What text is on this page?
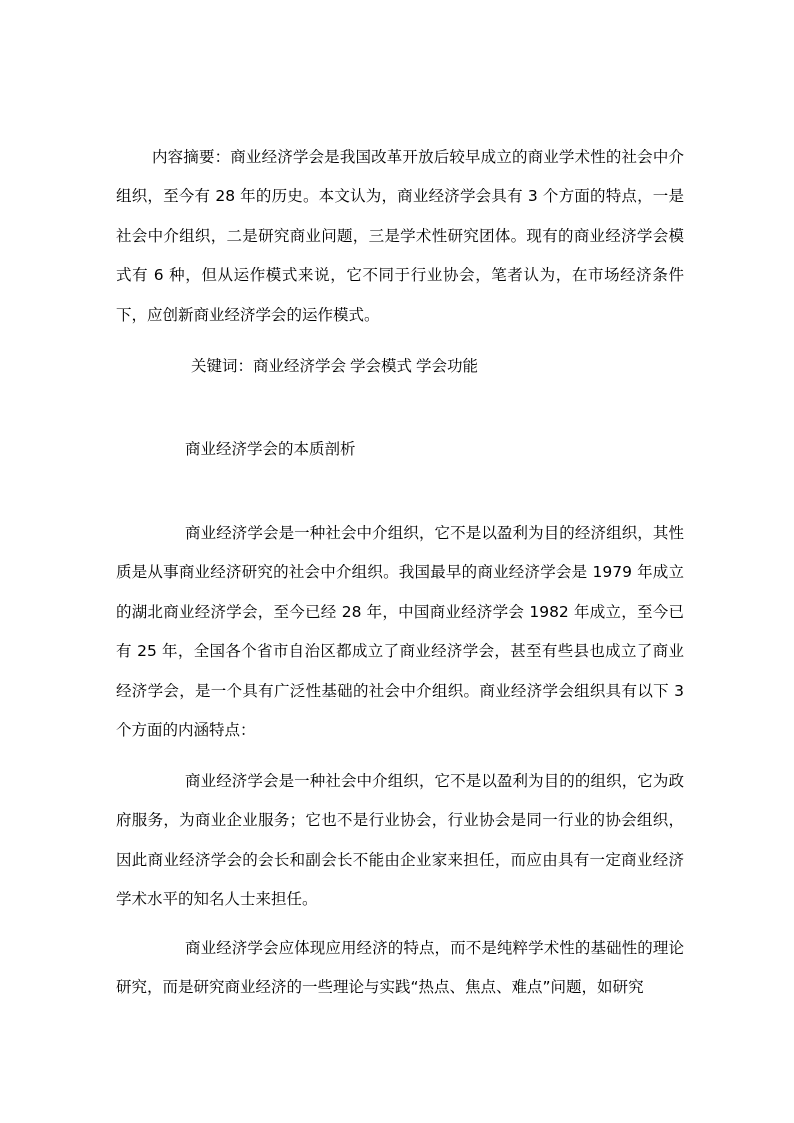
内容摘要：商业经济学会是我国改革开放后较早成立的商业学术性的社会中介组织，至今有 28 年的历史。本文认为，商业经济学会具有 3 个方面的特点，一是社会中介组织，二是研究商业问题，三是学术性研究团体。现有的商业经济学会模式有 6 种，但从运作模式来说，它不同于行业协会，笔者认为，在市场经济条件下，应创新商业经济学会的运作模式。

关键词：商业经济学会 学会模式 学会功能

商业经济学会的本质剖析

商业经济学会是一种社会中介组织，它不是以盈利为目的经济组织，其性质是从事商业经济研究的社会中介组织。我国最早的商业经济学会是 1979 年成立的湖北商业经济学会，至今已经 28 年，中国商业经济学会 1982 年成立，至今已有 25 年，全国各个省市自治区都成立了商业经济学会，甚至有些县也成立了商业经济学会，是一个具有广泛性基础的社会中介组织。商业经济学会组织具有以下 3 个方面的内涵特点：

商业经济学会是一种社会中介组织，它不是以盈利为目的的组织，它为政府服务，为商业企业服务；它也不是行业协会，行业协会是同一行业的协会组织，因此商业经济学会的会长和副会长不能由企业家来担任，而应由具有一定商业经济学术水平的知名人士来担任。

商业经济学会应体现应用经济的特点，而不是纯粹学术性的基础性的理论研究，而是研究商业经济的一些理论与实践“热点、焦点、难点”问题，如研究
